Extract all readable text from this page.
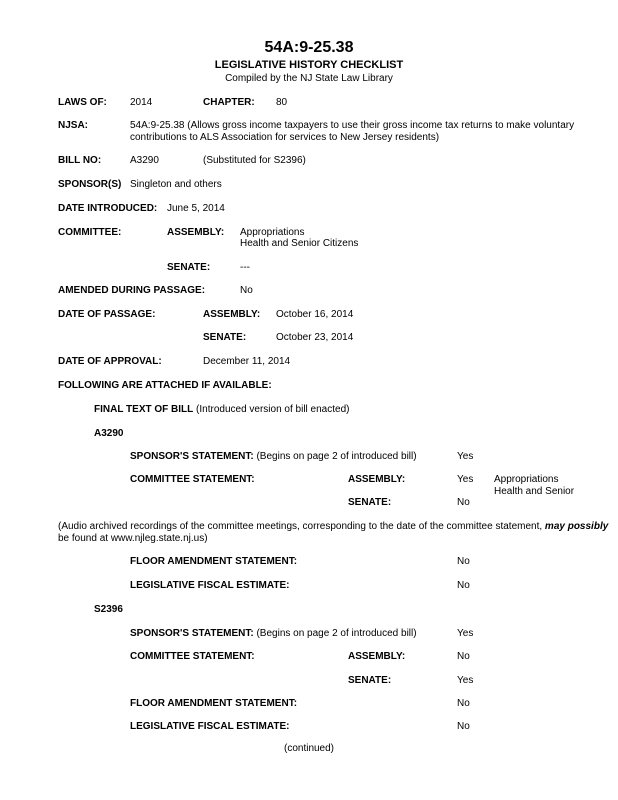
54A:9-25.38
LEGISLATIVE HISTORY CHECKLIST
Compiled by the NJ State Law Library
LAWS OF: 2014	CHAPTER: 80
NJSA:	54A:9-25.38 (Allows gross income taxpayers to use their gross income tax returns to make voluntary
contributions to ALS Association for services to New Jersey residents)
BILL NO:	A3290	(Substituted for S2396)
SPONSOR(S) Singleton and others
DATE INTRODUCED: June 5, 2014
COMMITTEE:	ASSEMBLY: Appropriations
Health and Senior Citizens
SENATE:	---
AMENDED DURING PASSAGE:	No
DATE OF PASSAGE:	ASSEMBLY: October 16, 2014
SENATE:	October 23, 2014
DATE OF APPROVAL:	December 11, 2014
FOLLOWING ARE ATTACHED IF AVAILABLE:
FINAL TEXT OF BILL (Introduced version of bill enacted)
A3290
SPONSOR'S STATEMENT: (Begins on page 2 of introduced bill)	Yes
COMMITTEE STATEMENT:	ASSEMBLY:	Yes Appropriations
Health and Senior
SENATE:	No
(Audio archived recordings of the committee meetings, corresponding to the date of the committee statement, may possibly
be found at www.njleg.state.nj.us)
FLOOR AMENDMENT STATEMENT:	No
LEGISLATIVE FISCAL ESTIMATE:	No
S2396
SPONSOR'S STATEMENT: (Begins on page 2 of introduced bill)	Yes
COMMITTEE STATEMENT:	ASSEMBLY:	No
SENATE:	Yes
FLOOR AMENDMENT STATEMENT:	No
LEGISLATIVE FISCAL ESTIMATE:	No
(continued)
